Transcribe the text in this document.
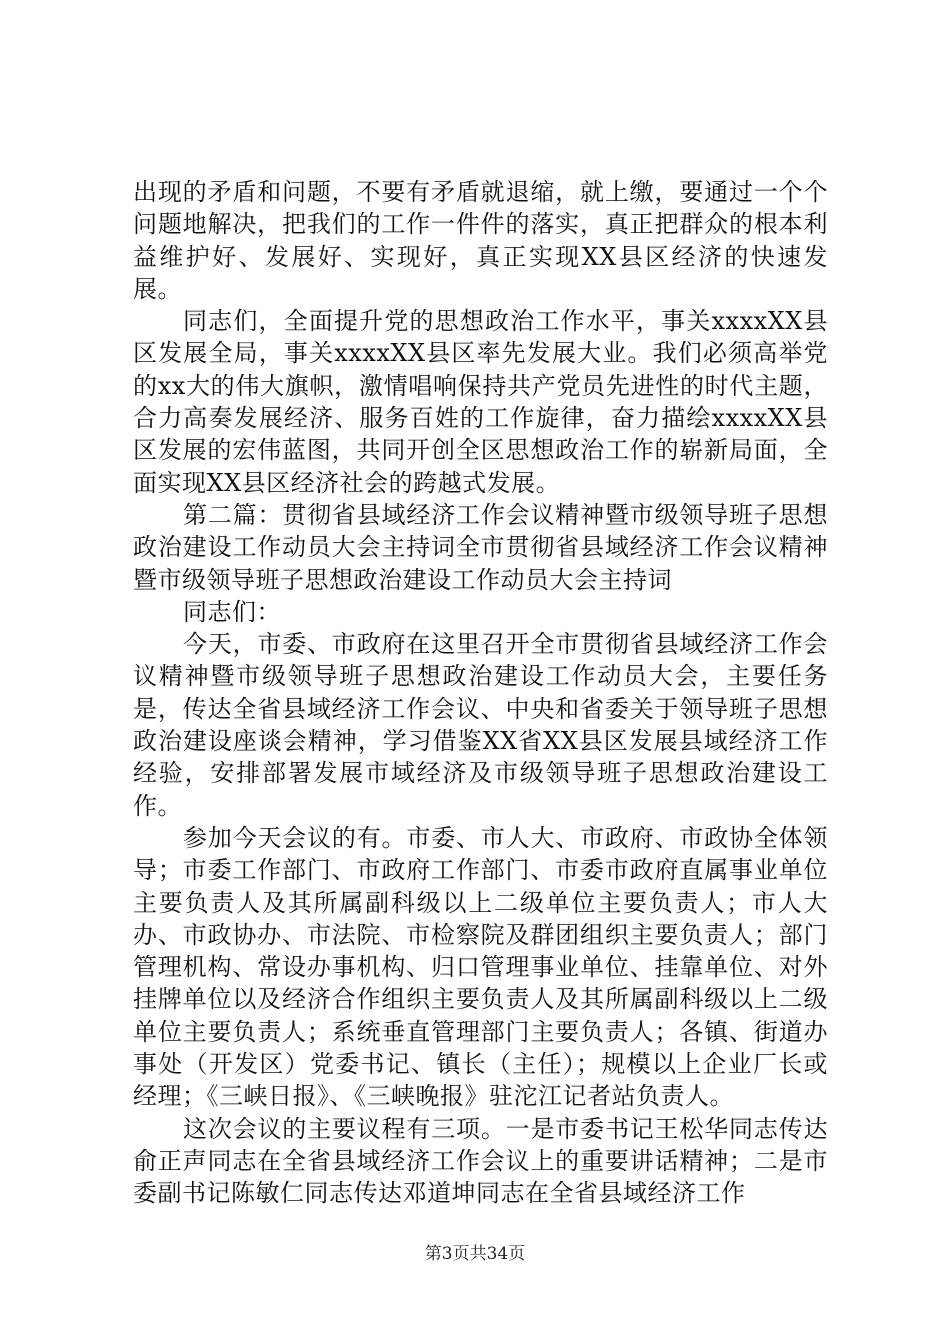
出现的矛盾和问题，不要有矛盾就退缩，就上缴，要通过一个个问题地解决，把我们的工作一件件的落实，真正把群众的根本利益维护好、发展好、实现好，真正实现XX县区经济的快速发展。

同志们，全面提升党的思想政治工作水平，事关xxxxXX县区发展全局，事关xxxxXX县区率先发展大业。我们必须高举党的xx大的伟大旗帜，激情唱响保持共产党员先进性的时代主题，合力高奏发展经济、服务百姓的工作旋律，奋力描绘xxxxXX县区发展的宏伟蓝图，共同开创全区思想政治工作的崭新局面，全面实现XX县区经济社会的跨越式发展。

第二篇：贯彻省县域经济工作会议精神暨市级领导班子思想政治建设工作动员大会主持词全市贯彻省县域经济工作会议精神暨市级领导班子思想政治建设工作动员大会主持词

同志们：

今天，市委、市政府在这里召开全市贯彻省县域经济工作会议精神暨市级领导班子思想政治建设工作动员大会，主要任务是，传达全省县域经济工作会议、中央和省委关于领导班子思想政治建设座谈会精神，学习借鉴XX省XX县区发展县域经济工作经验，安排部署发展市域经济及市级领导班子思想政治建设工作。

参加今天会议的有。市委、市人大、市政府、市政协全体领导；市委工作部门、市政府工作部门、市委市政府直属事业单位主要负责人及其所属副科级以上二级单位主要负责人；市人大办、市政协办、市法院、市检察院及群团组织主要负责人；部门管理机构、常设办事机构、归口管理事业单位、挂靠单位、对外挂牌单位以及经济合作组织主要负责人及其所属副科级以上二级单位主要负责人；系统垂直管理部门主要负责人；各镇、街道办事处（开发区）党委书记、镇长（主任）；规模以上企业厂长或经理；《三峡日报》、《三峡晚报》驻沱江记者站负责人。

这次会议的主要议程有三项。一是市委书记王松华同志传达俞正声同志在全省县域经济工作会议上的重要讲话精神；二是市委副书记陈敏仁同志传达邓道坤同志在全省县域经济工作

第3页共34页
